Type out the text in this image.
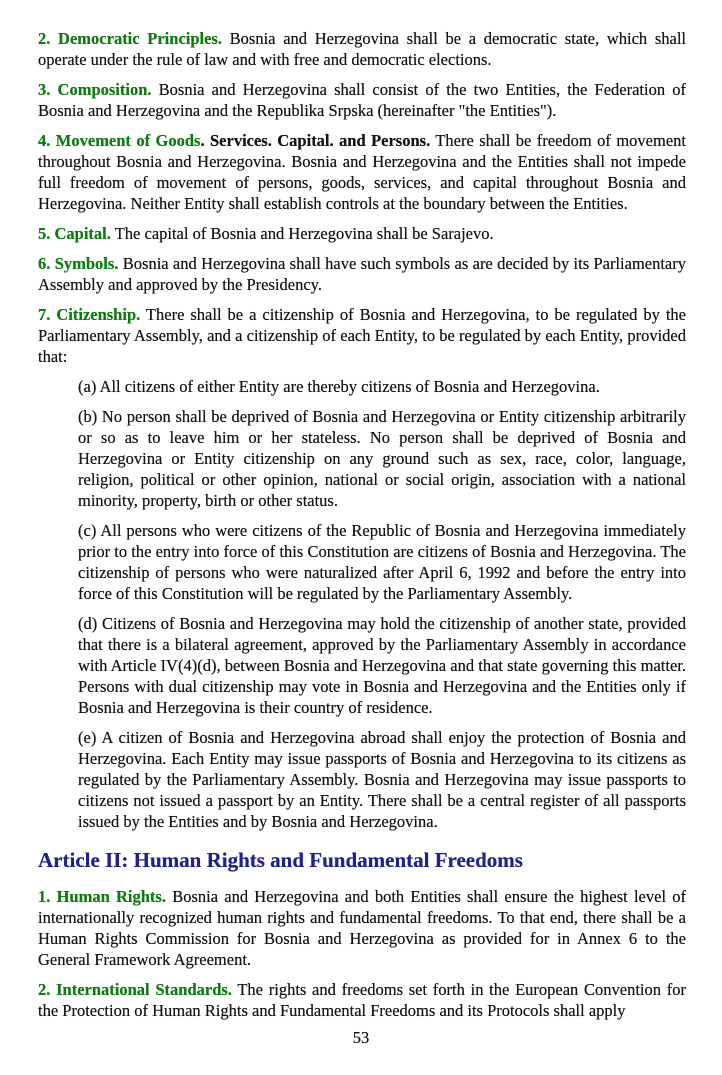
2. Democratic Principles. Bosnia and Herzegovina shall be a democratic state, which shall operate under the rule of law and with free and democratic elections.

3. Composition. Bosnia and Herzegovina shall consist of the two Entities, the Federation of Bosnia and Herzegovina and the Republika Srpska (hereinafter "the Entities").

4. Movement of Goods. Services. Capital. and Persons. There shall be freedom of movement throughout Bosnia and Herzegovina. Bosnia and Herzegovina and the Entities shall not impede full freedom of movement of persons, goods, services, and capital throughout Bosnia and Herzegovina. Neither Entity shall establish controls at the boundary between the Entities.

5. Capital. The capital of Bosnia and Herzegovina shall be Sarajevo.

6. Symbols. Bosnia and Herzegovina shall have such symbols as are decided by its Parliamentary Assembly and approved by the Presidency.

7. Citizenship. There shall be a citizenship of Bosnia and Herzegovina, to be regulated by the Parliamentary Assembly, and a citizenship of each Entity, to be regulated by each Entity, provided that:

(a) All citizens of either Entity are thereby citizens of Bosnia and Herzegovina.

(b) No person shall be deprived of Bosnia and Herzegovina or Entity citizenship arbitrarily or so as to leave him or her stateless. No person shall be deprived of Bosnia and Herzegovina or Entity citizenship on any ground such as sex, race, color, language, religion, political or other opinion, national or social origin, association with a national minority, property, birth or other status.

(c) All persons who were citizens of the Republic of Bosnia and Herzegovina immediately prior to the entry into force of this Constitution are citizens of Bosnia and Herzegovina. The citizenship of persons who were naturalized after April 6, 1992 and before the entry into force of this Constitution will be regulated by the Parliamentary Assembly.

(d) Citizens of Bosnia and Herzegovina may hold the citizenship of another state, provided that there is a bilateral agreement, approved by the Parliamentary Assembly in accordance with Article IV(4)(d), between Bosnia and Herzegovina and that state governing this matter. Persons with dual citizenship may vote in Bosnia and Herzegovina and the Entities only if Bosnia and Herzegovina is their country of residence.

(e) A citizen of Bosnia and Herzegovina abroad shall enjoy the protection of Bosnia and Herzegovina. Each Entity may issue passports of Bosnia and Herzegovina to its citizens as regulated by the Parliamentary Assembly. Bosnia and Herzegovina may issue passports to citizens not issued a passport by an Entity. There shall be a central register of all passports issued by the Entities and by Bosnia and Herzegovina.

Article II: Human Rights and Fundamental Freedoms

1. Human Rights. Bosnia and Herzegovina and both Entities shall ensure the highest level of internationally recognized human rights and fundamental freedoms. To that end, there shall be a Human Rights Commission for Bosnia and Herzegovina as provided for in Annex 6 to the General Framework Agreement.

2. International Standards. The rights and freedoms set forth in the European Convention for the Protection of Human Rights and Fundamental Freedoms and its Protocols shall apply

53
